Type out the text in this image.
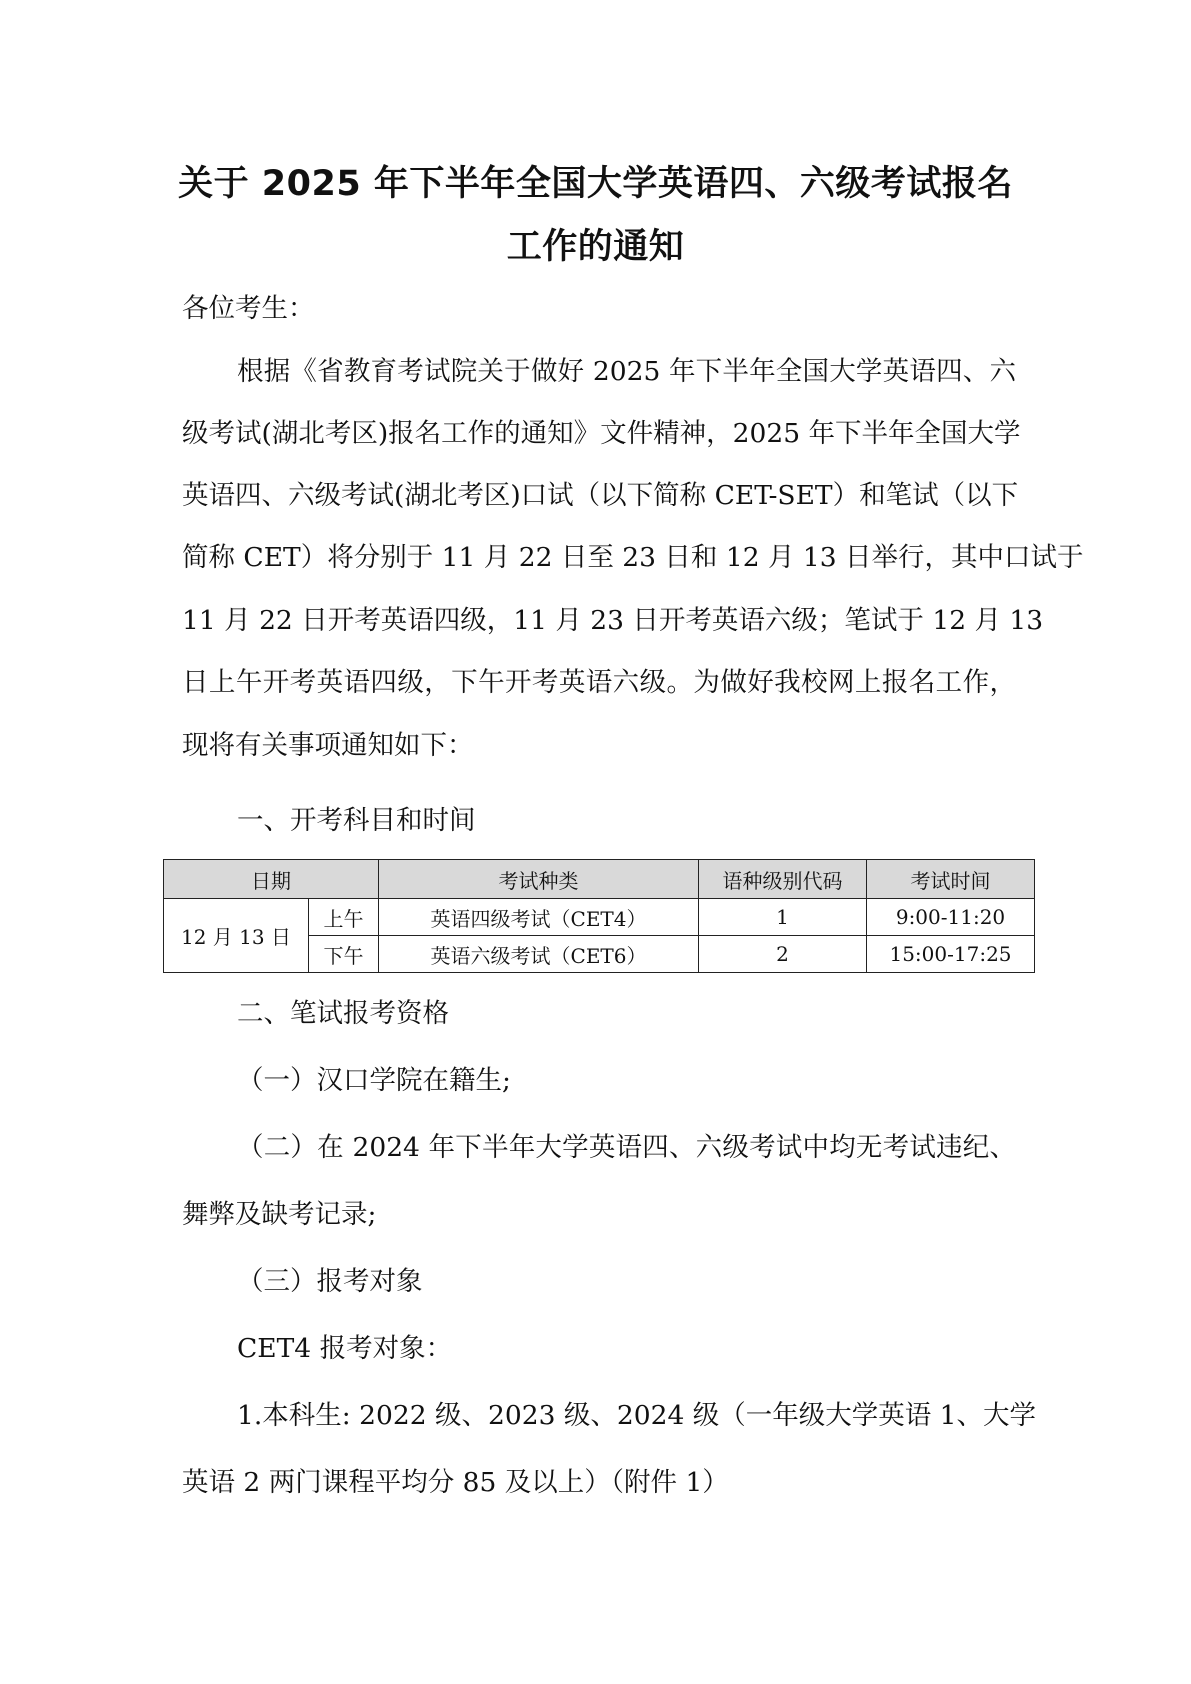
关于 2025 年下半年全国大学英语四、六级考试报名
工作的通知
各位考生：
根据《省教育考试院关于做好 2025 年下半年全国大学英语四、六
级考试(湖北考区)报名工作的通知》文件精神，2025 年下半年全国大学
英语四、六级考试(湖北考区)口试（以下简称 CET-SET）和笔试（以下
简称 CET）将分别于 11 月 22 日至 23 日和 12 月 13 日举行，其中口试于
11 月 22 日开考英语四级，11 月 23 日开考英语六级；笔试于 12 月 13
日上午开考英语四级，下午开考英语六级。为做好我校网上报名工作，
现将有关事项通知如下：
一、开考科目和时间
日期		考试种类	语种级别代码	考试时间
12 月 13 日	上午	英语四级考试（CET4）	1	9:00-11:20
	下午	英语六级考试（CET6）	2	15:00-17:25
二、笔试报考资格
（一）汉口学院在籍生;
（二）在 2024 年下半年大学英语四、六级考试中均无考试违纪、
舞弊及缺考记录;
（三）报考对象
CET4 报考对象：
1.本科生: 2022 级、2023 级、2024 级（一年级大学英语 1、大学
英语 2 两门课程平均分 85 及以上）（附件 1）
